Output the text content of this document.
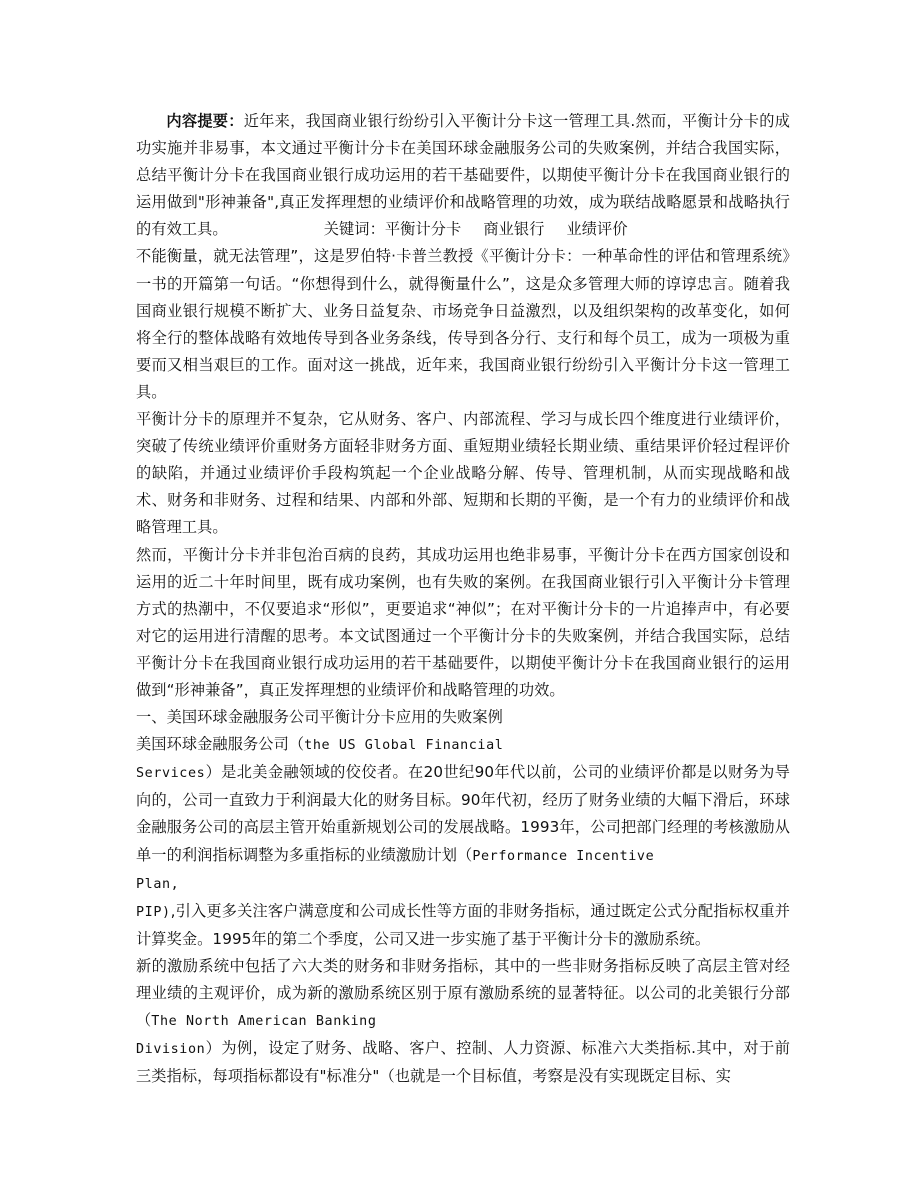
内容提要：近年来，我国商业银行纷纷引入平衡计分卡这一管理工具.然而，平衡计分卡的成功实施并非易事，本文通过平衡计分卡在美国环球金融服务公司的失败案例，并结合我国实际，总结平衡计分卡在我国商业银行成功运用的若干基础要件，以期使平衡计分卡在我国商业银行的运用做到"形神兼备",真正发挥理想的业绩评价和战略管理的功效，成为联结战略愿景和战略执行的有效工具。	关键词：平衡计分卡 商业银行 业绩评价

不能衡量，就无法管理”，这是罗伯特·卡普兰教授《平衡计分卡：一种革命性的评估和管理系统》一书的开篇第一句话。“你想得到什么，就得衡量什么”，这是众多管理大师的谆谆忠言。随着我国商业银行规模不断扩大、业务日益复杂、市场竞争日益激烈，以及组织架构的改革变化，如何将全行的整体战略有效地传导到各业务条线，传导到各分行、支行和每个员工，成为一项极为重要而又相当艰巨的工作。面对这一挑战，近年来，我国商业银行纷纷引入平衡计分卡这一管理工具。

平衡计分卡的原理并不复杂，它从财务、客户、内部流程、学习与成长四个维度进行业绩评价，突破了传统业绩评价重财务方面轻非财务方面、重短期业绩轻长期业绩、重结果评价轻过程评价的缺陷，并通过业绩评价手段构筑起一个企业战略分解、传导、管理机制，从而实现战略和战术、财务和非财务、过程和结果、内部和外部、短期和长期的平衡，是一个有力的业绩评价和战略管理工具。

然而，平衡计分卡并非包治百病的良药，其成功运用也绝非易事，平衡计分卡在西方国家创设和运用的近二十年时间里，既有成功案例，也有失败的案例。在我国商业银行引入平衡计分卡管理方式的热潮中，不仅要追求“形似”，更要追求“神似”；在对平衡计分卡的一片追捧声中，有必要对它的运用进行清醒的思考。本文试图通过一个平衡计分卡的失败案例，并结合我国实际，总结平衡计分卡在我国商业银行成功运用的若干基础要件，以期使平衡计分卡在我国商业银行的运用做到“形神兼备”，真正发挥理想的业绩评价和战略管理的功效。

一、美国环球金融服务公司平衡计分卡应用的失败案例

美国环球金融服务公司（the US Global Financial

Services）是北美金融领域的佼佼者。在20世纪90年代以前，公司的业绩评价都是以财务为导向的，公司一直致力于利润最大化的财务目标。90年代初，经历了财务业绩的大幅下滑后，环球金融服务公司的高层主管开始重新规划公司的发展战略。1993年，公司把部门经理的考核激励从单一的利润指标调整为多重指标的业绩激励计划（Performance Incentive
Plan,
PIP),引入更多关注客户满意度和公司成长性等方面的非财务指标，通过既定公式分配指标权重并计算奖金。1995年的第二个季度，公司又进一步实施了基于平衡计分卡的激励系统。

新的激励系统中包括了六大类的财务和非财务指标，其中的一些非财务指标反映了高层主管对经理业绩的主观评价，成为新的激励系统区别于原有激励系统的显著特征。以公司的北美银行分部（The North American Banking
Division）为例，设定了财务、战略、客户、控制、人力资源、标准六大类指标.其中，对于前三类指标，每项指标都设有"标准分"（也就是一个目标值，考察是没有实现既定目标、实
